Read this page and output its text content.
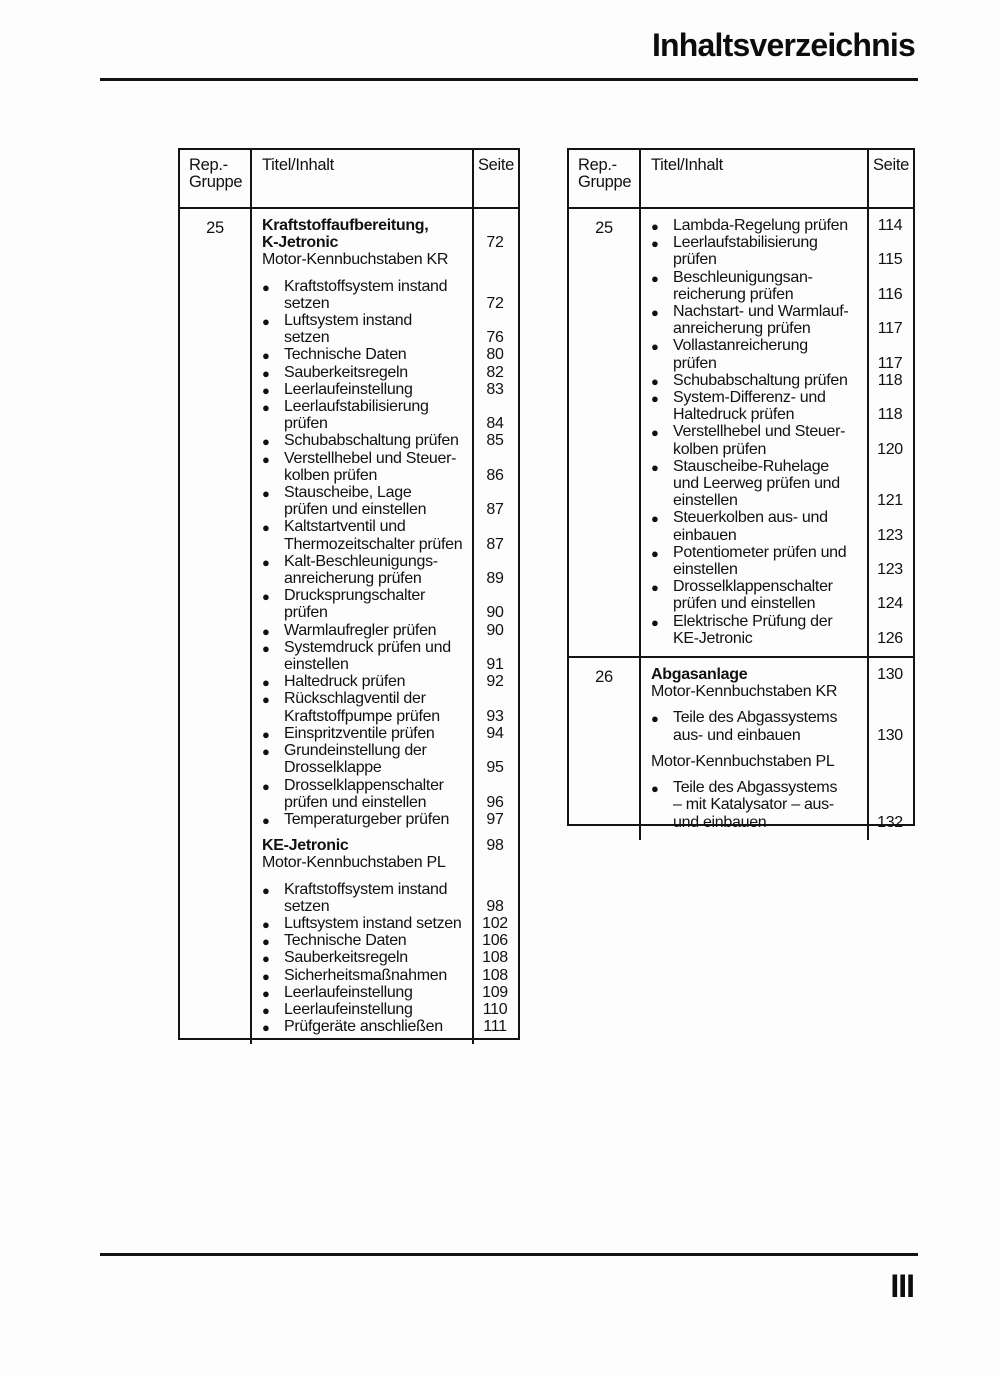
Inhaltsverzeichnis
Rep.-Gruppe
Titel/Inhalt	Seite
25	Kraftstoffaufbereitung,
K-Jetronic	72
Motor-Kennbuchstaben KR
● Kraftstoffsystem instand
setzen	72
● Luftsystem instand
setzen	76
● Technische Daten	80
● Sauberkeitsregeln	82
● Leerlaufeinstellung	83
● Leerlaufstabilisierung
prüfen	84
● Schubabschaltung prüfen	85
● Verstellhebel und Steuer-
kolben prüfen	86
● Stauscheibe, Lage
prüfen und einstellen	87
● Kaltstartventil und
Thermozeitschalter prüfen	87
● Kalt-Beschleunigungs-
anreicherung prüfen	89
● Drucksprungschalter
prüfen	90
● Warmlaufregler prüfen	90
● Systemdruck prüfen und
einstellen	91
● Haltedruck prüfen	92
● Rückschlagventil der
Kraftstoffpumpe prüfen	93
● Einspritzventile prüfen	94
● Grundeinstellung der
Drosselklappe	95
● Drosselklappenschalter
prüfen und einstellen	96
● Temperaturgeber prüfen	97
KE-Jetronic	98
Motor-Kennbuchstaben PL
● Kraftstoffsystem instand
setzen	98
● Luftsystem instand setzen	102
● Technische Daten	106
● Sauberkeitsregeln	108
● Sicherheitsmaßnahmen	108
● Leerlaufeinstellung	109
● Leerlaufeinstellung	110
● Prüfgeräte anschließen	111
Rep.-Gruppe
Titel/Inhalt	Seite
25	● Lambda-Regelung prüfen	114
● Leerlaufstabilisierung
prüfen	115
● Beschleunigungsan-
reicherung prüfen	116
● Nachstart- und Warmlauf-
anreicherung prüfen	117
● Vollastanreicherung
prüfen	117
● Schubabschaltung prüfen	118
● System-Differenz- und
Haltedruck prüfen	118
● Verstellhebel und Steuer-
kolben prüfen	120
● Stauscheibe-Ruhelage
und Leerweg prüfen und
einstellen	121
● Steuerkolben aus- und
einbauen	123
● Potentiometer prüfen und
einstellen	123
● Drosselklappenschalter
prüfen und einstellen	124
● Elektrische Prüfung der
KE-Jetronic	126
26	Abgasanlage	130
Motor-Kennbuchstaben KR
● Teile des Abgassystems
aus- und einbauen	130
Motor-Kennbuchstaben PL
● Teile des Abgassystems
– mit Katalysator – aus-
und einbauen	132
III
